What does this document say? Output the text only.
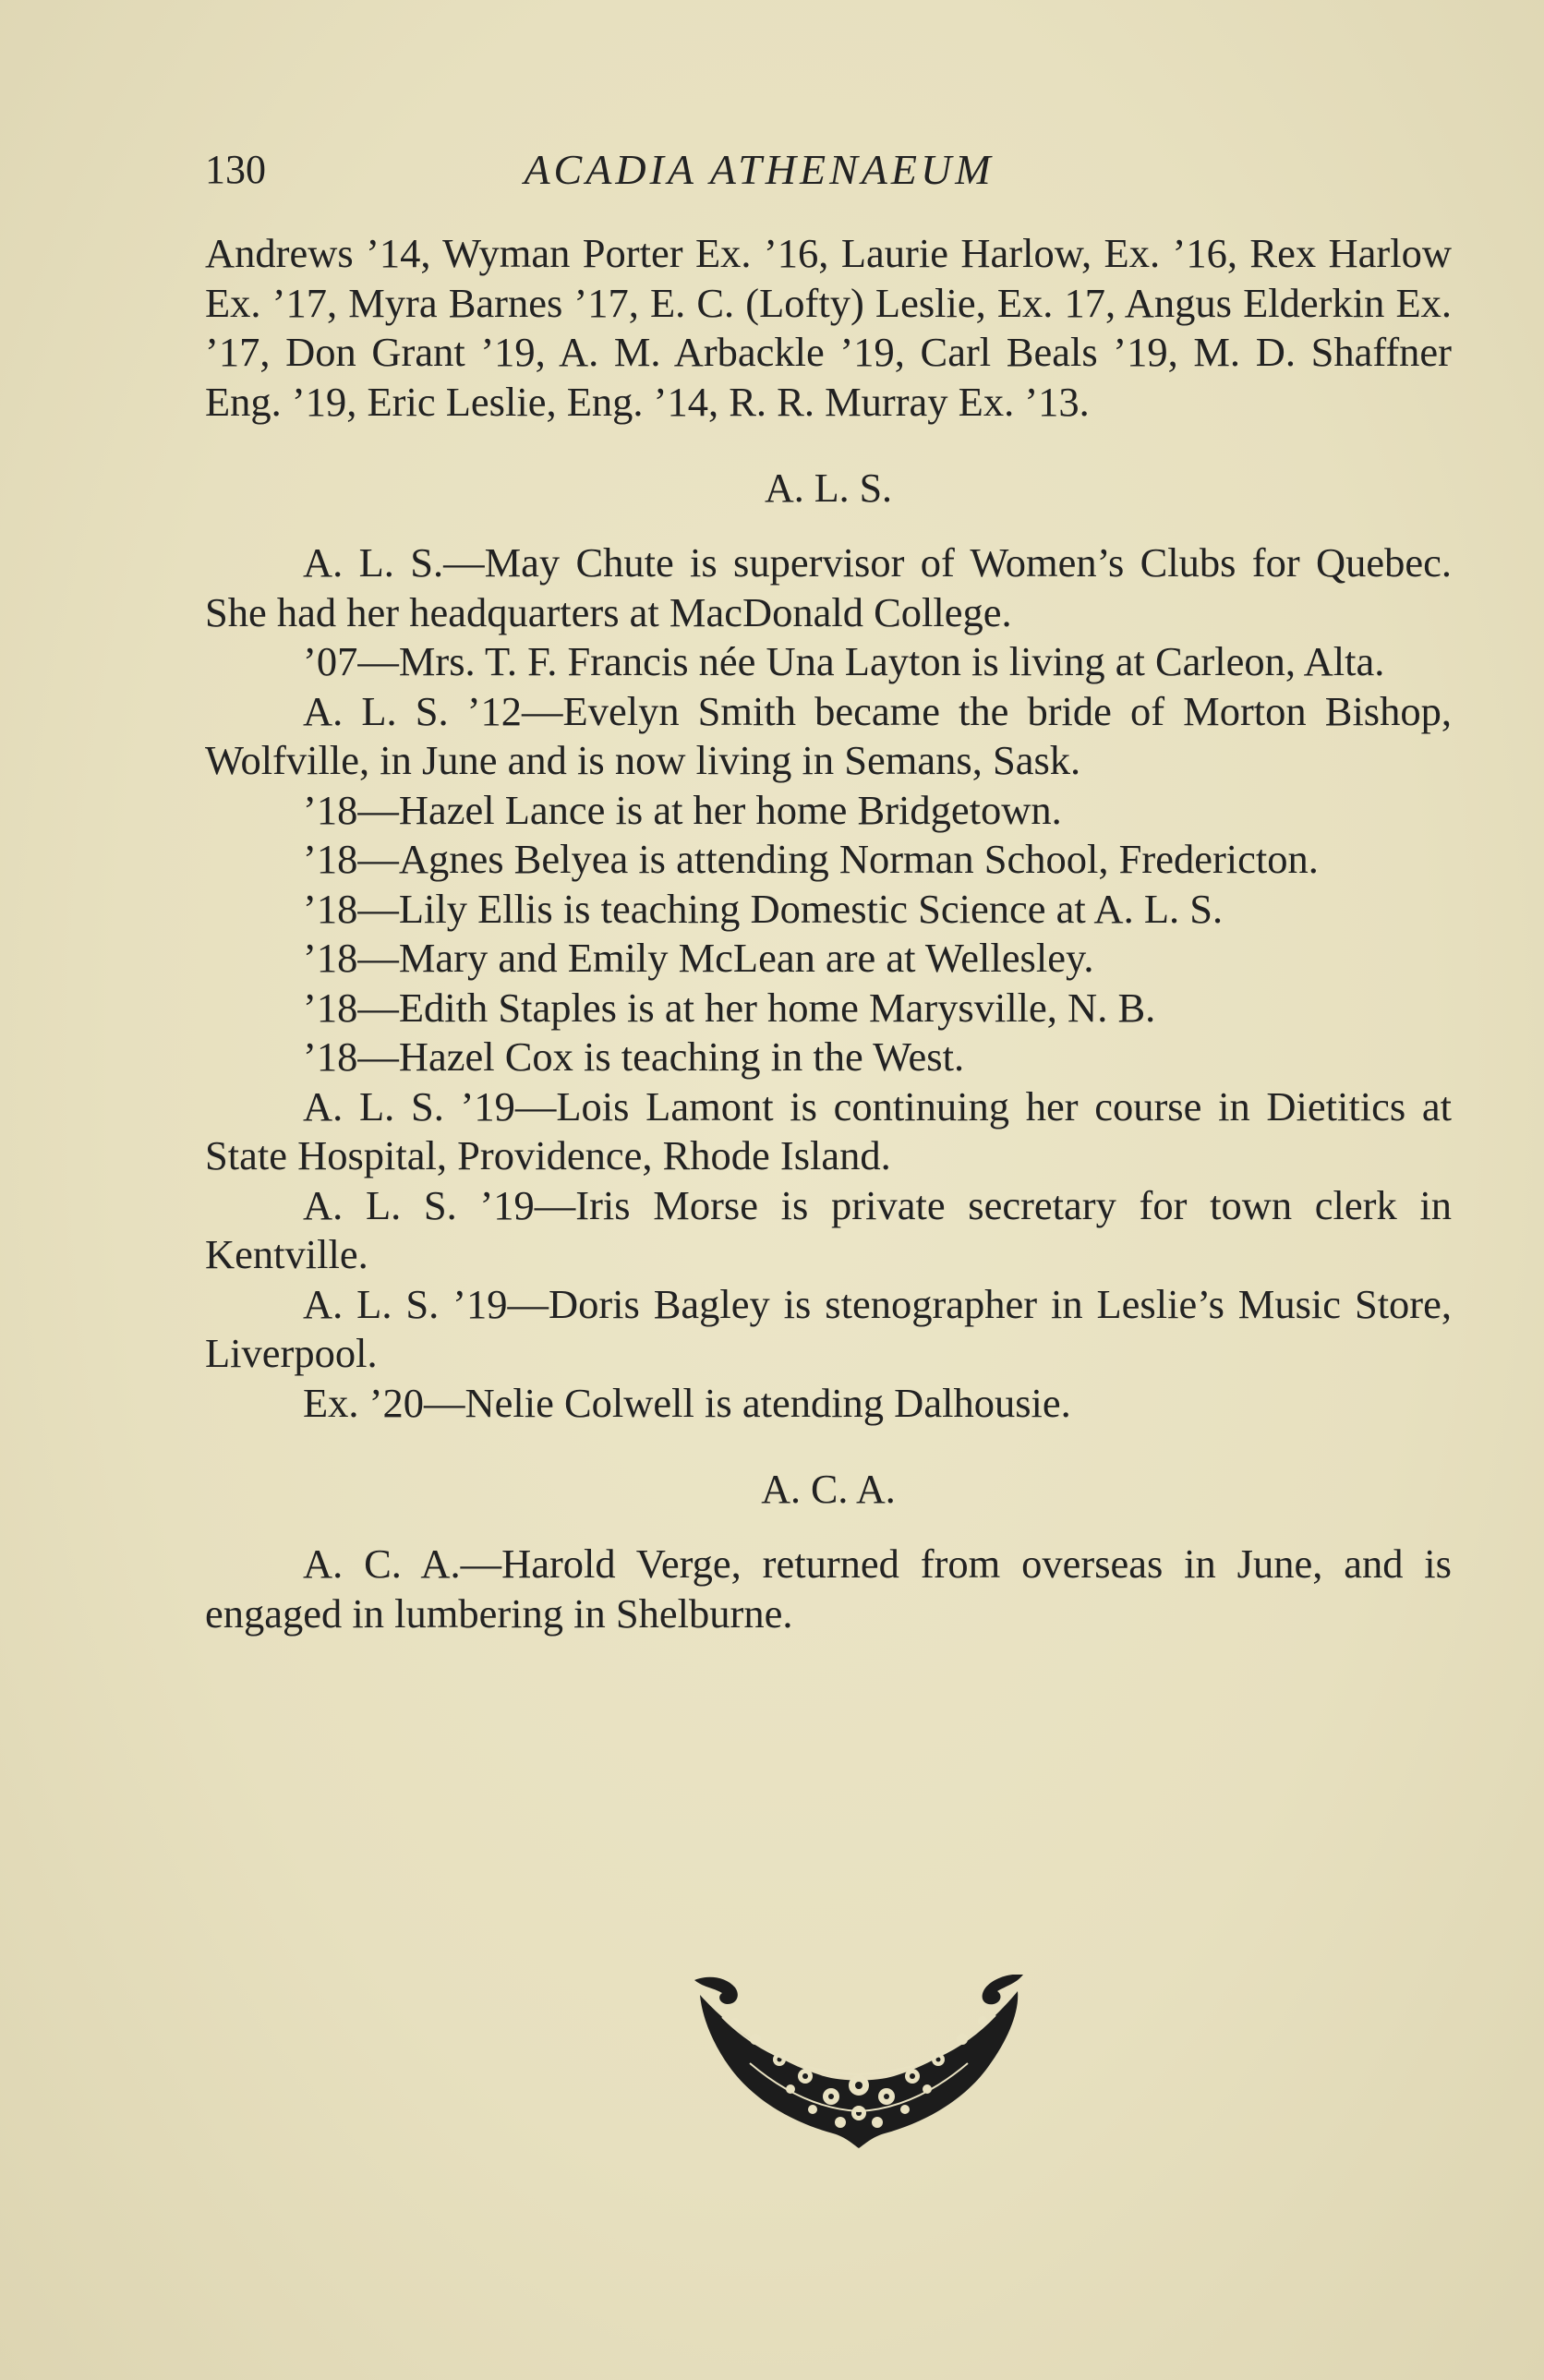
130	ACADIA ATHENAEUM

Andrews ’14, Wyman Porter Ex. ’16, Laurie Harlow, Ex. ’16, Rex Harlow Ex. ’17, Myra Barnes ’17, E. C. (Lofty) Leslie, Ex. 17, Angus Elderkin Ex. ’17, Don Grant ’19, A. M. Arbackle ’19, Carl Beals ’19, M. D. Shaffner Eng. ’19, Eric Leslie, Eng. ’14, R. R. Murray Ex. ’13.

A. L. S.

A. L. S.—May Chute is supervisor of Women’s Clubs for Quebec. She had her headquarters at MacDonald College.

’07—Mrs. T. F. Francis née Una Layton is living at Carleon, Alta.

A. L. S. ’12—Evelyn Smith became the bride of Morton Bishop, Wolfville, in June and is now living in Semans, Sask.

’18—Hazel Lance is at her home Bridgetown.

’18—Agnes Belyea is attending Norman School, Fredericton.

’18—Lily Ellis is teaching Domestic Science at A. L. S.

’18—Mary and Emily McLean are at Wellesley.

’18—Edith Staples is at her home Marysville, N. B.

’18—Hazel Cox is teaching in the West.

A. L. S. ’19—Lois Lamont is continuing her course in Dietitics at State Hospital, Providence, Rhode Island.

A. L. S. ’19—Iris Morse is private secretary for town clerk in Kentville.

A. L. S. ’19—Doris Bagley is stenographer in Leslie’s Music Store, Liverpool.

Ex. ’20—Nelie Colwell is atending Dalhousie.

A. C. A.

A. C. A.—Harold Verge, returned from overseas in June, and is engaged in lumbering in Shelburne.
